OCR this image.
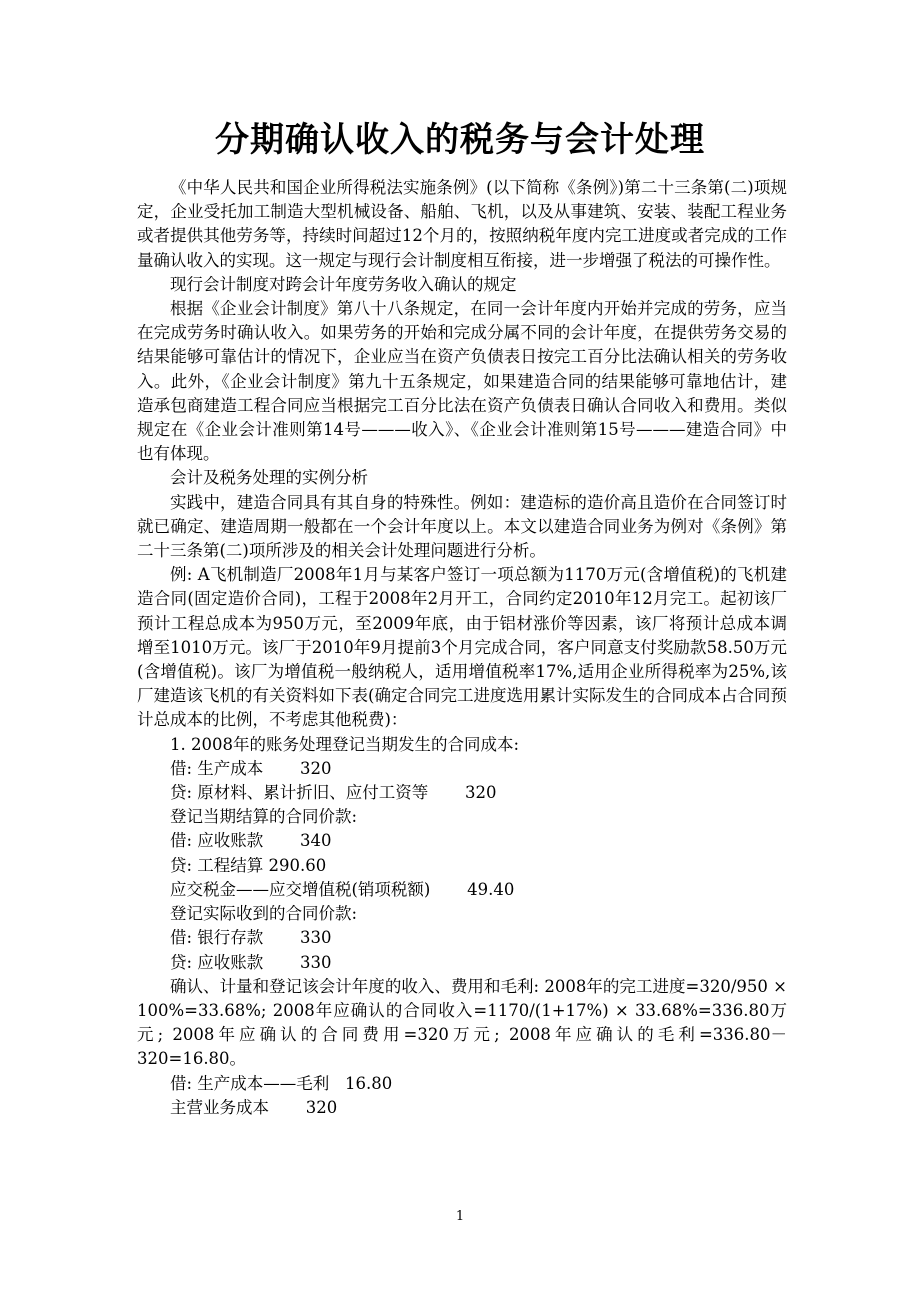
分期确认收入的税务与会计处理

《中华人民共和国企业所得税法实施条例》(以下简称《条例》)第二十三条第(二)项规定，企业受托加工制造大型机械设备、船舶、飞机，以及从事建筑、安装、装配工程业务或者提供其他劳务等，持续时间超过12个月的，按照纳税年度内完工进度或者完成的工作量确认收入的实现。这一规定与现行会计制度相互衔接，进一步增强了税法的可操作性。

现行会计制度对跨会计年度劳务收入确认的规定

根据《企业会计制度》第八十八条规定，在同一会计年度内开始并完成的劳务，应当在完成劳务时确认收入。如果劳务的开始和完成分属不同的会计年度，在提供劳务交易的结果能够可靠估计的情况下，企业应当在资产负债表日按完工百分比法确认相关的劳务收入。此外，《企业会计制度》第九十五条规定，如果建造合同的结果能够可靠地估计，建造承包商建造工程合同应当根据完工百分比法在资产负债表日确认合同收入和费用。类似规定在《企业会计准则第14号———收入》、《企业会计准则第15号———建造合同》中也有体现。

会计及税务处理的实例分析

实践中，建造合同具有其自身的特殊性。例如：建造标的造价高且造价在合同签订时就已确定、建造周期一般都在一个会计年度以上。本文以建造合同业务为例对《条例》第二十三条第(二)项所涉及的相关会计处理问题进行分析。

例: A飞机制造厂2008年1月与某客户签订一项总额为1170万元(含增值税)的飞机建造合同(固定造价合同)，工程于2008年2月开工，合同约定2010年12月完工。起初该厂预计工程总成本为950万元，至2009年底，由于铝材涨价等因素，该厂将预计总成本调增至1010万元。该厂于2010年9月提前3个月完成合同，客户同意支付奖励款58.50万元(含增值税)。该厂为增值税一般纳税人，适用增值税率17%,适用企业所得税率为25%,该厂建造该飞机的有关资料如下表(确定合同完工进度选用累计实际发生的合同成本占合同预计总成本的比例，不考虑其他税费)：

1. 2008年的账务处理登记当期发生的合同成本:
借: 生产成本       320
贷: 原材料、累计折旧、应付工资等       320
登记当期结算的合同价款:
借: 应收账款       340
贷: 工程结算 290.60
应交税金——应交增值税(销项税额)       49.40
登记实际收到的合同价款:
借: 银行存款       330
贷: 应收账款       330

确认、计量和登记该会计年度的收入、费用和毛利: 2008年的完工进度=320/950 × 100%=33.68%; 2008年应确认的合同收入=1170/(1+17%) × 33.68%=336.80万元; 2008年应确认的合同费用=320万元; 2008年应确认的毛利=336.80－320=16.80。

借: 生产成本——毛利   16.80
主营业务成本       320
1
